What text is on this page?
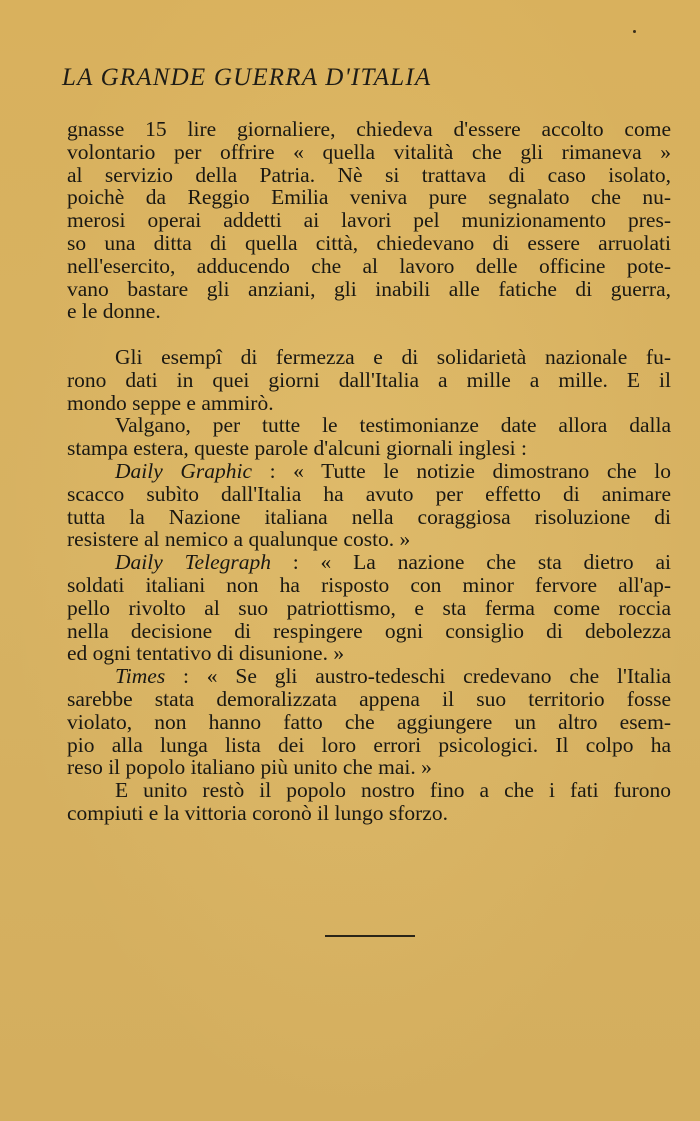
LA GRANDE GUERRA D'ITALIA
gnasse 15 lire giornaliere, chiedeva d'essere accolto come
volontario per offrire « quella vitalità che gli rimaneva »
al servizio della Patria. Nè si trattava di caso isolato,
poichè da Reggio Emilia veniva pure segnalato che nu-
merosi operai addetti ai lavori pel munizionamento pres-
so una ditta di quella città, chiedevano di essere arruolati
nell'esercito, adducendo che al lavoro delle officine pote-
vano bastare gli anziani, gli inabili alle fatiche di guerra,
e le donne.
Gli esempî di fermezza e di solidarietà nazionale fu-
rono dati in quei giorni dall'Italia a mille a mille. E il
mondo seppe e ammirò.
Valgano, per tutte le testimonianze date allora dalla
stampa estera, queste parole d'alcuni giornali inglesi :
Daily Graphic : « Tutte le notizie dimostrano che lo
scacco subìto dall'Italia ha avuto per effetto di animare
tutta la Nazione italiana nella coraggiosa risoluzione di
resistere al nemico a qualunque costo. »
Daily Telegraph : « La nazione che sta dietro ai
soldati italiani non ha risposto con minor fervore all'ap-
pello rivolto al suo patriottismo, e sta ferma come roccia
nella decisione di respingere ogni consiglio di debolezza
ed ogni tentativo di disunione. »
Times : « Se gli austro-tedeschi credevano che l'Italia
sarebbe stata demoralizzata appena il suo territorio fosse
violato, non hanno fatto che aggiungere un altro esem-
pio alla lunga lista dei loro errori psicologici. Il colpo ha
reso il popolo italiano più unito che mai. »
E unito restò il popolo nostro fino a che i fati furono
compiuti e la vittoria coronò il lungo sforzo.
